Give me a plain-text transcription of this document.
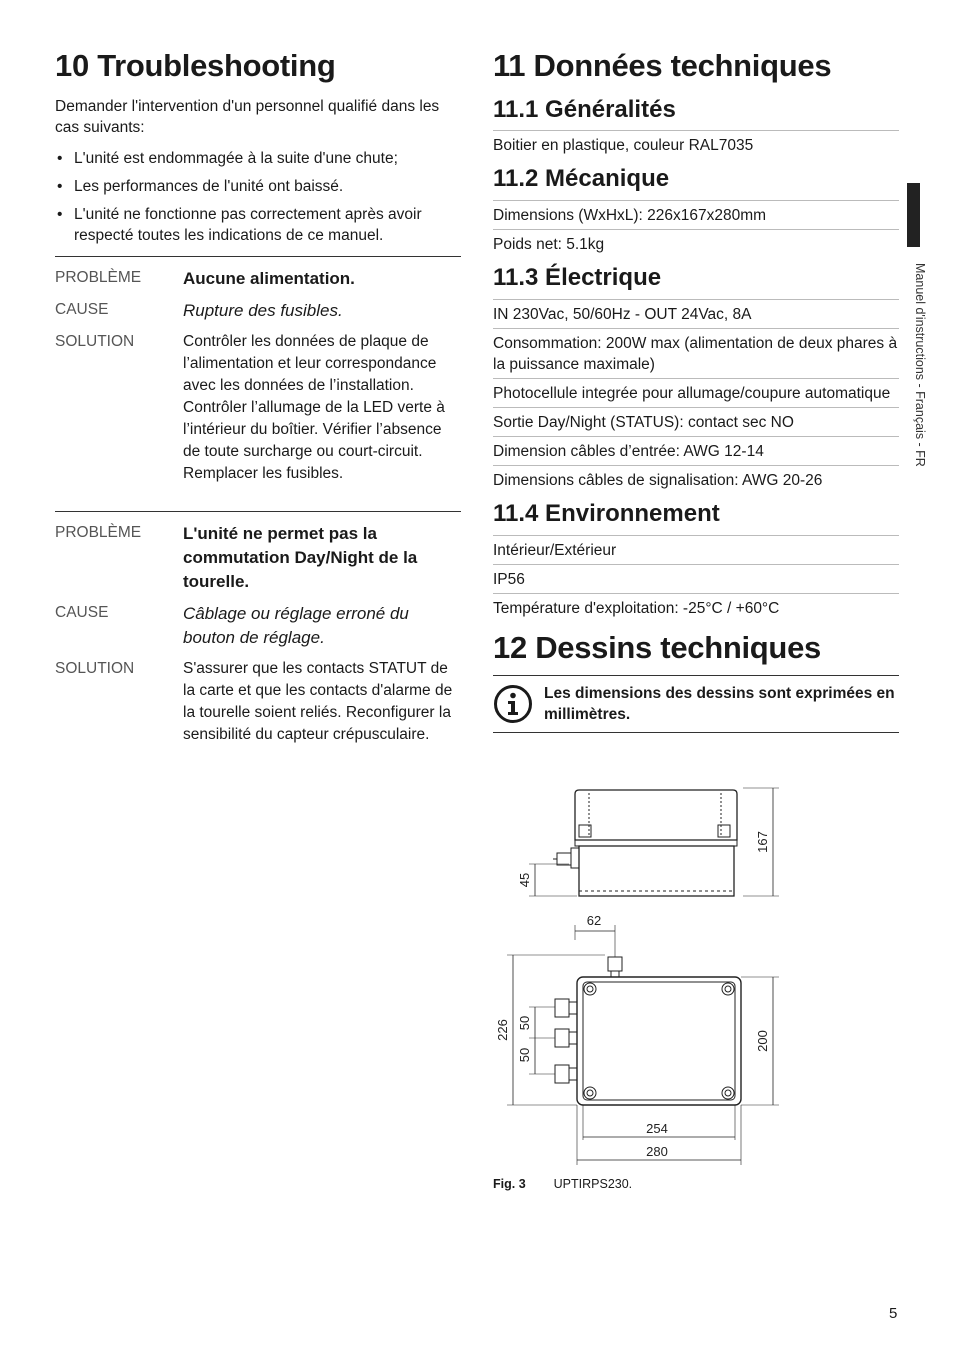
10 Troubleshooting

Demander l'intervention d'un personnel qualifié dans les cas suivants:

• L'unité est endommagée à la suite d'une chute;
• Les performances de l'unité ont baissé.
• L'unité ne fonctionne pas correctement après avoir respecté toutes les indications de ce manuel.
PROBLÈME	Aucune alimentation.
CAUSE	Rupture des fusibles.
SOLUTION	Contrôler les données de plaque de l’alimentation et leur correspondance avec les données de l’installation. Contrôler l’allumage de la LED verte à l’intérieur du boîtier. Vérifier l’absence de toute surcharge ou court-circuit. Remplacer les fusibles.
PROBLÈME	L'unité ne permet pas la commutation Day/Night de la tourelle.
CAUSE	Câblage ou réglage erroné du bouton de réglage.
SOLUTION	S'assurer que les contacts STATUT de la carte et que les contacts d'alarme de la tourelle soient reliés. Reconfigurer la sensibilité du capteur crépusculaire.
11 Données techniques
11.1 Généralités
Boitier en plastique, couleur RAL7035
11.2 Mécanique
Dimensions (WxHxL): 226x167x280mm
Poids net: 5.1kg
11.3 Électrique
IN 230Vac, 50/60Hz - OUT 24Vac, 8A
Consommation: 200W max (alimentation de deux phares à la puissance maximale)
Photocellule integrée pour allumage/coupure automatique
Sortie Day/Night (STATUS): contact sec NO
Dimension câbles d’entrée: AWG 12-14
Dimensions câbles de signalisation: AWG 20-26
11.4 Environnement
Intérieur/Extérieur
IP56
Température d'exploitation: -25°C / +60°C
12 Dessins techniques
Les dimensions des dessins sont exprimées en millimètres.
167
45
62
226 50
50
200
254
280
Fig. 3 UPTIRPS230.
Manuel d'instructions - Français - FR
5
